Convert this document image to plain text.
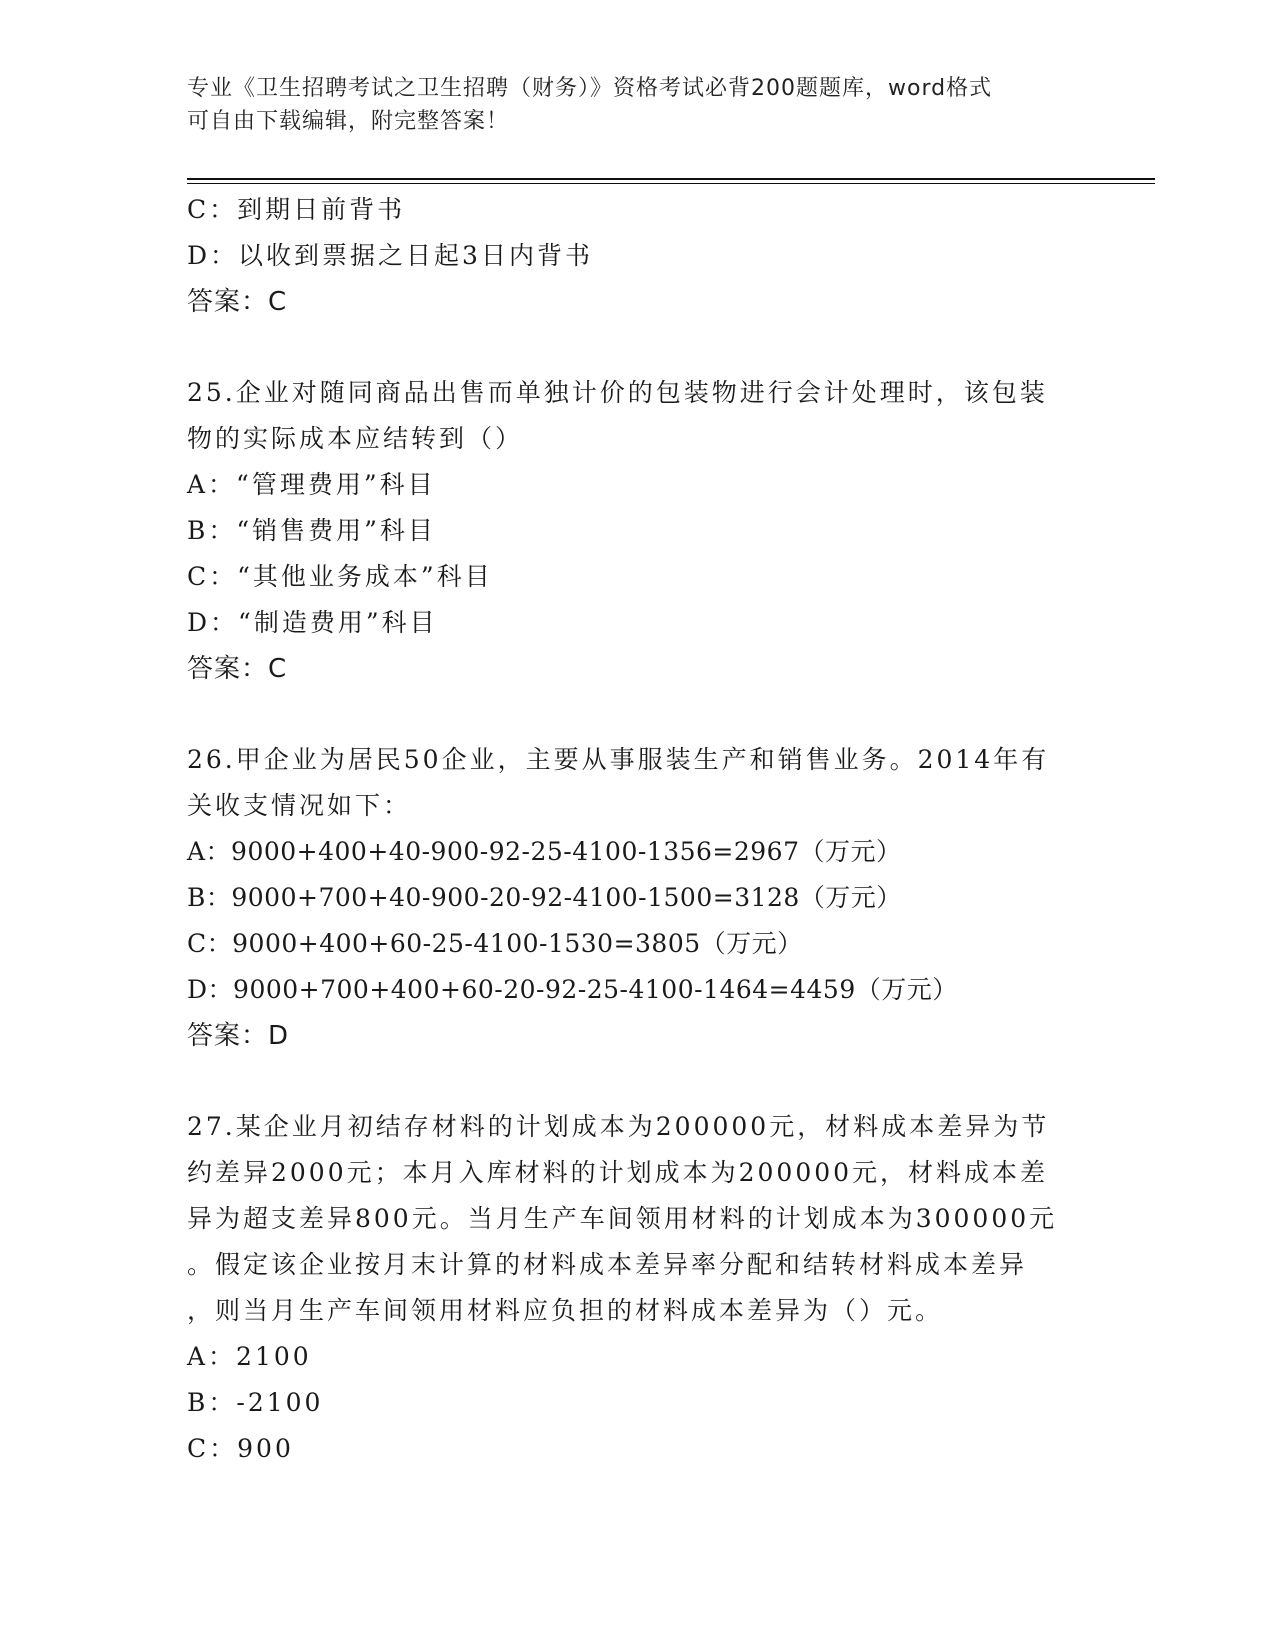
专业《卫生招聘考试之卫生招聘（财务）》资格考试必背200题题库，word格式
可自由下载编辑，附完整答案！
C：到期日前背书
D：以收到票据之日起3日内背书
答案：C
25.企业对随同商品出售而单独计价的包装物进行会计处理时，该包装
物的实际成本应结转到（）
A：“管理费用”科目
B：“销售费用”科目
C：“其他业务成本”科目
D：“制造费用”科目
答案：C
26.甲企业为居民50企业，主要从事服装生产和销售业务。2014年有
关收支情况如下：
A：9000+400+40-900-92-25-4100-1356=2967（万元）
B：9000+700+40-900-20-92-4100-1500=3128（万元）
C：9000+400+60-25-4100-1530=3805（万元）
D：9000+700+400+60-20-92-25-4100-1464=4459（万元）
答案：D
27.某企业月初结存材料的计划成本为200000元，材料成本差异为节
约差异2000元；本月入库材料的计划成本为200000元，材料成本差
异为超支差异800元。当月生产车间领用材料的计划成本为300000元
。假定该企业按月末计算的材料成本差异率分配和结转材料成本差异
，则当月生产车间领用材料应负担的材料成本差异为（）元。
A：2100
B：-2100
C：900
